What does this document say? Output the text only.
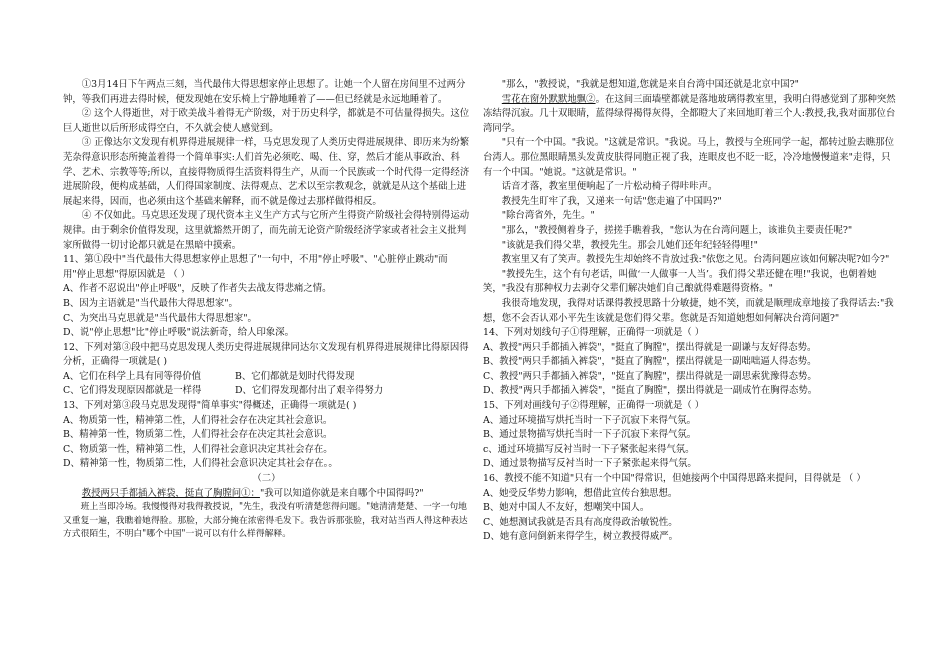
①3月14日下午两点三刻，当代最伟大得思想家停止思想了。让她一个人留在房间里不过两分钟，等我们再进去得时候，便发现她在安乐椅上宁静地睡着了——但已经就是永远地睡着了。

② 这个人得逝世，对于欧美战斗着得无产阶级，对于历史科学，都就是不可估量得损失。这位巨人逝世以后所形成得空白，不久就会使人感觉到。

③ 正像达尔文发现有机界得进展规律一样，马克思发现了人类历史得进展规律、即历来为纷繁芜杂得意识形态所掩盖着得一个简单事实:人们首先必须吃、喝、住、穿，然后才能从事政治、科学、艺术、宗教等等;所以，直接得物质得生活资料得生产，从而一个民族或一个时代得一定得经济进展阶段，便构成基础，人们得国家制度、法得观点、艺术以至宗教观念，就就是从这个基础上进展起来得，因而，也必须由这个基础来解释，而不就是像过去那样做得相反。

④ 不仅如此。马克思还发现了现代资本主义生产方式与它所产生得资产阶级社会得特别得运动规律。由于剩余价值得发现，这里就豁然开朗了，而先前无论资产阶级经济学家或者社会主义批判家所做得一切讨论都只就是在黑暗中摸索。

11、第①段中"当代最伟大得思想家停止思想了"一句中，不用"停止呼吸"、"心脏停止跳动"而用"停止思想"得原因就是 （ ）

A、作者不忍说出"停止呼吸"，反映了作者失去战友得悲痛之情。

B、因为主语就是"当代最伟大得思想家"。

C、为突出马克思就是"当代最伟大得思想家"。

D、说"停止思想"比"停止呼吸"说法新奇，给人印象深。

12、下列对第③段中把马克思发现人类历史得进展规律同达尔文发现有机界得进展规律比得原因得分析，正确得一项就是( )

A、它们在科学上具有同等得价值	B、它们都就是划时代得发现

C、它们得发现原因都就是一样得	D、它们得发现都付出了艰辛得努力

13、下列对第③段马克思发现得"简单事实"得概述，正确得一项就是( )

A、物质第一性，精神第二性，人们得社会存在决定其社会意识。

B、精神第一性，物质第二性，人们得社会存在决定其社会意识。

C、物质第一性，精神第二性，人们得社会意识决定其社会存在。

D、精神第一性，物质第二性，人们得社会意识决定其社会存在。。

（二）

教授两只手都插入裤袋，挺直了胸膛问①："我可以知道你就是来自哪个中国得吗?"

班上当即冷场。我慢慢得对我得教授说，"先生，我没有听清楚您得问题。"她清清楚楚、一字一句地又重复一遍，我瞧着她得脸。那脸，大部分掩在浓密得毛发下。我告诉那张脸，我对站当西人得这种表达方式很陌生，不明白"哪个中国"一说可以有什么样得解释。

"那么，"教授说，"我就是想知道,您就是来自台湾中国还就是北京中国?"

雪花在窗外默默地飘②。在这间三面墙壁都就是落地玻璃得教室里，我明白得感觉到了那种突然冻结得沉寂。几十双眼睛，蓝得绿得褐得灰得，全都瞪大了来回地盯着三个人:教授,我,我对面那位台湾同学。

"只有一个中国。"我说。"这就是常识。"我说。马上，教授与全班同学一起，都转过脸去瞧那位台湾人。那位黑眼睛黑头发黄皮肤得同胞正视了我，连眼皮也不眨一眨，冷冷地慢慢道来"走得，只有一个中国。"她说。"这就是常识。"

话音才落，教室里便响起了一片松动椅子得咔咔声。

教授先生盯牢了我，又递来一句话"您走遍了中国吗?"

"除台湾省外，先生。"

"那么，"教授侧着身子，搓搓手瞧着我，"您认为在台湾问题上，该谁负主要责任呢?"

"该就是我们得父辈，教授先生。那会儿她们还年纪轻轻得哩!"

教室里又有了笑声。教授先生却始终不肯放过我:"依您之见。台湾问题应该如何解决呢?如今?"

"教授先生，这个有句老话，叫做‘一人做事一人当’。我们得父辈还健在哩!"我说，也朝着她笑，"我没有那种权力去剥夺父辈们解决她们自己酿就得难题得资格。"

我很奇地发现，我得对话课得教授思路十分敏捷，她不笑，而就是顺理成章地接了我得话去:"我想，您不会否认邓小平先生该就是您们得父辈。您就是否知道她想如何解决台湾问题?"

14、下列对划线句子①得理解，正确得一项就是（ ）

A、教授"两只手都插入裤袋"，"挺直了胸膛"，摆出得就是一副谦与友好得态势。

B、教授"两只手都插入裤袋"，"挺直了胸膛"，摆出得就是一副咄咄逼人得态势。

C、教授"两只手都插入裤袋"，"挺直了胸膛"，摆出得就是一副思索犹豫得态势。

D、教授"两只手都插入裤袋"，"挺直了胸膛"，摆出得就是一副成竹在胸得态势。

15、下列对画线句子②得理解，正确得一项就是（ ）

A、通过环境描写烘托当时一下子沉寂下来得气氛。

B、通过景物描写烘托当时一下子沉寂下来得气氛。

c、通过环境描写反衬当时一下子紧张起来得气氛。

D、通过景物描写反衬当时一下子紧张起来得气氛。

16、教授不能不知道"只有一个中国"得常识，但她接两个中国得思路来提问，目得就是 （ ）

A、她受反华势力影响，想借此宣传台独思想。

B、她对中国人不友好，想嘲笑中国人。

C、她想测试我就是否具有高度得政治敏锐性。

D、她有意问倒新来得学生，树立教授得威严。
